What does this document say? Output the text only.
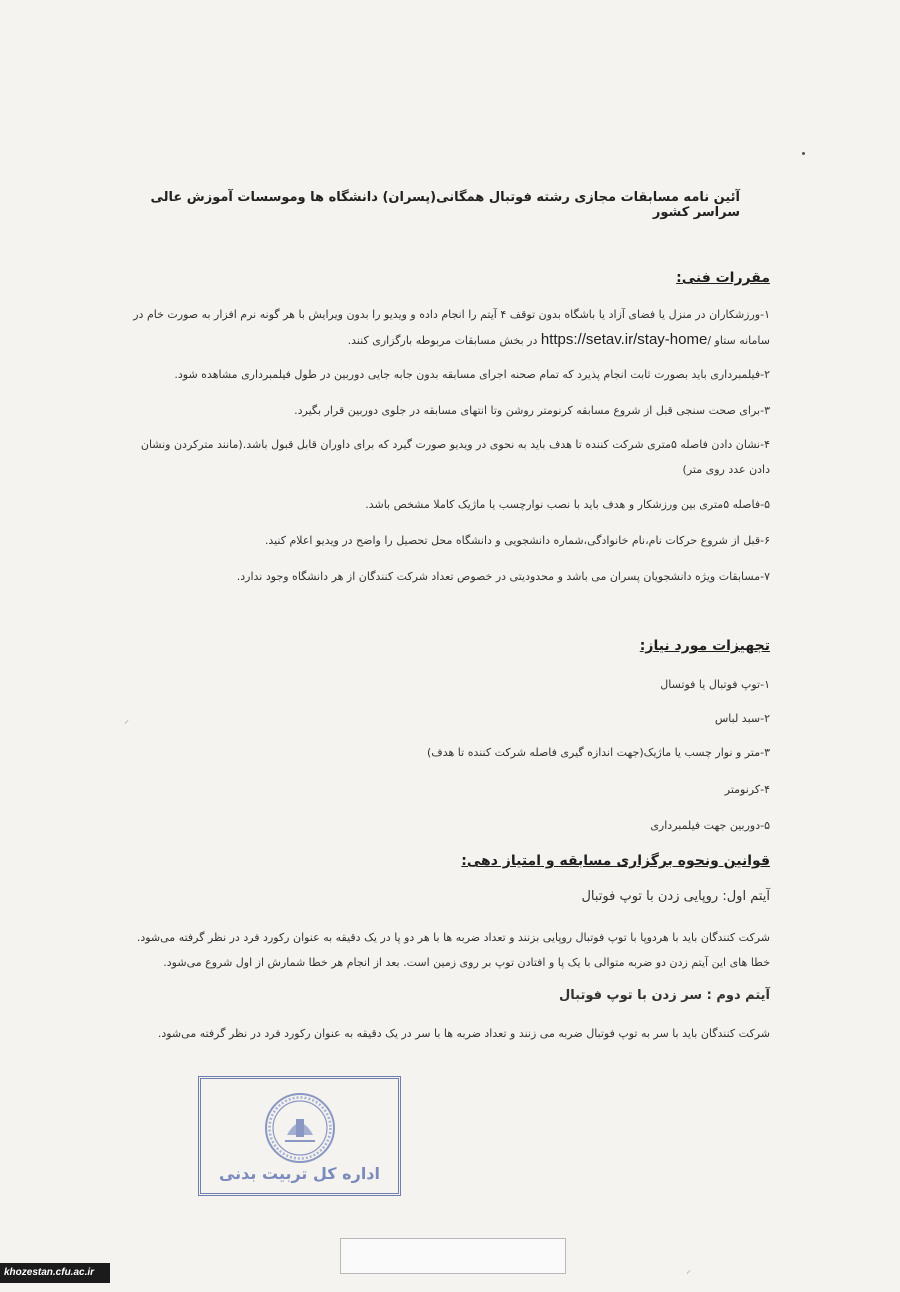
آئین نامه مسابقات مجازی رشته فوتبال همگانی(پسران) دانشگاه ها وموسسات آموزش عالی سراسر کشور
مقررات فنی:
۱-ورزشکاران در منزل یا فضای آزاد یا باشگاه بدون توقف ۴ آیتم را انجام داده و ویدیو را بدون ویرایش با هر گونه نرم افزار به صورت خام در
سامانه ستاو /https://setav.ir/stay-home در بخش مسابقات مربوطه بارگزاری کنند.
۲-فیلمبرداری باید بصورت ثابت انجام پذیرد که تمام صحنه اجرای مسابقه بدون جابه جایی دوربین در طول فیلمبرداری مشاهده شود.
۳-برای صحت سنجی قبل از شروع مسابقه کرنومتر روشن وتا انتهای مسابقه در جلوی دوربین قرار بگیرد.
۴-نشان دادن فاصله ۵متری شرکت کننده تا هدف باید به نحوی در ویدیو صورت گیرد که برای داوران قابل قبول باشد.(مانند مترکردن ونشان دادن عدد روی متر)
۵-فاصله ۵متری بین ورزشکار و هدف باید با نصب نوارچسب یا ماژیک کاملا مشخص باشد.
۶-قبل از شروع حرکات نام،نام خانوادگی،شماره دانشجویی و دانشگاه محل تحصیل را واضح در ویدیو اعلام کنید.
۷-مسابقات ویژه دانشجویان پسران می باشد و محدودیتی در خصوص تعداد شرکت کنندگان از هر دانشگاه وجود ندارد.
تجهیزات مورد نیاز:
۱-توپ فوتبال یا فوتسال
۲-سبد لباس
۳-متر و نوار چسب یا ماژیک(جهت اندازه گیری فاصله شرکت کننده تا هدف)
۴-کرنومتر
۵-دوربین جهت فیلمبرداری
قوانین ونحوه برگزاری مسابقه و امتیاز دهی:
آیتم اول: روپایی زدن با توپ فوتبال
شرکت کنندگان باید با هردوپا با توپ فوتبال روپایی بزنند و تعداد ضربه ها با هر دو پا در یک دقیقه به عنوان رکورد فرد در نظر گرفته می‌شود.
خطا های این آیتم زدن دو ضربه متوالی با یک پا و افتادن توپ بر روی زمین است. بعد از انجام هر خطا شمارش از اول شروع می‌شود.
آیتم دوم : سر زدن با توپ فوتبال
شرکت کنندگان باید با سر به توپ فوتبال ضربه می زنند و تعداد ضربه ها با سر در یک دقیقه به عنوان رکورد فرد در نظر گرفته می‌شود.
اداره کل تربیت بدنی
⸝
⸝
khozestan.cfu.ac.ir
